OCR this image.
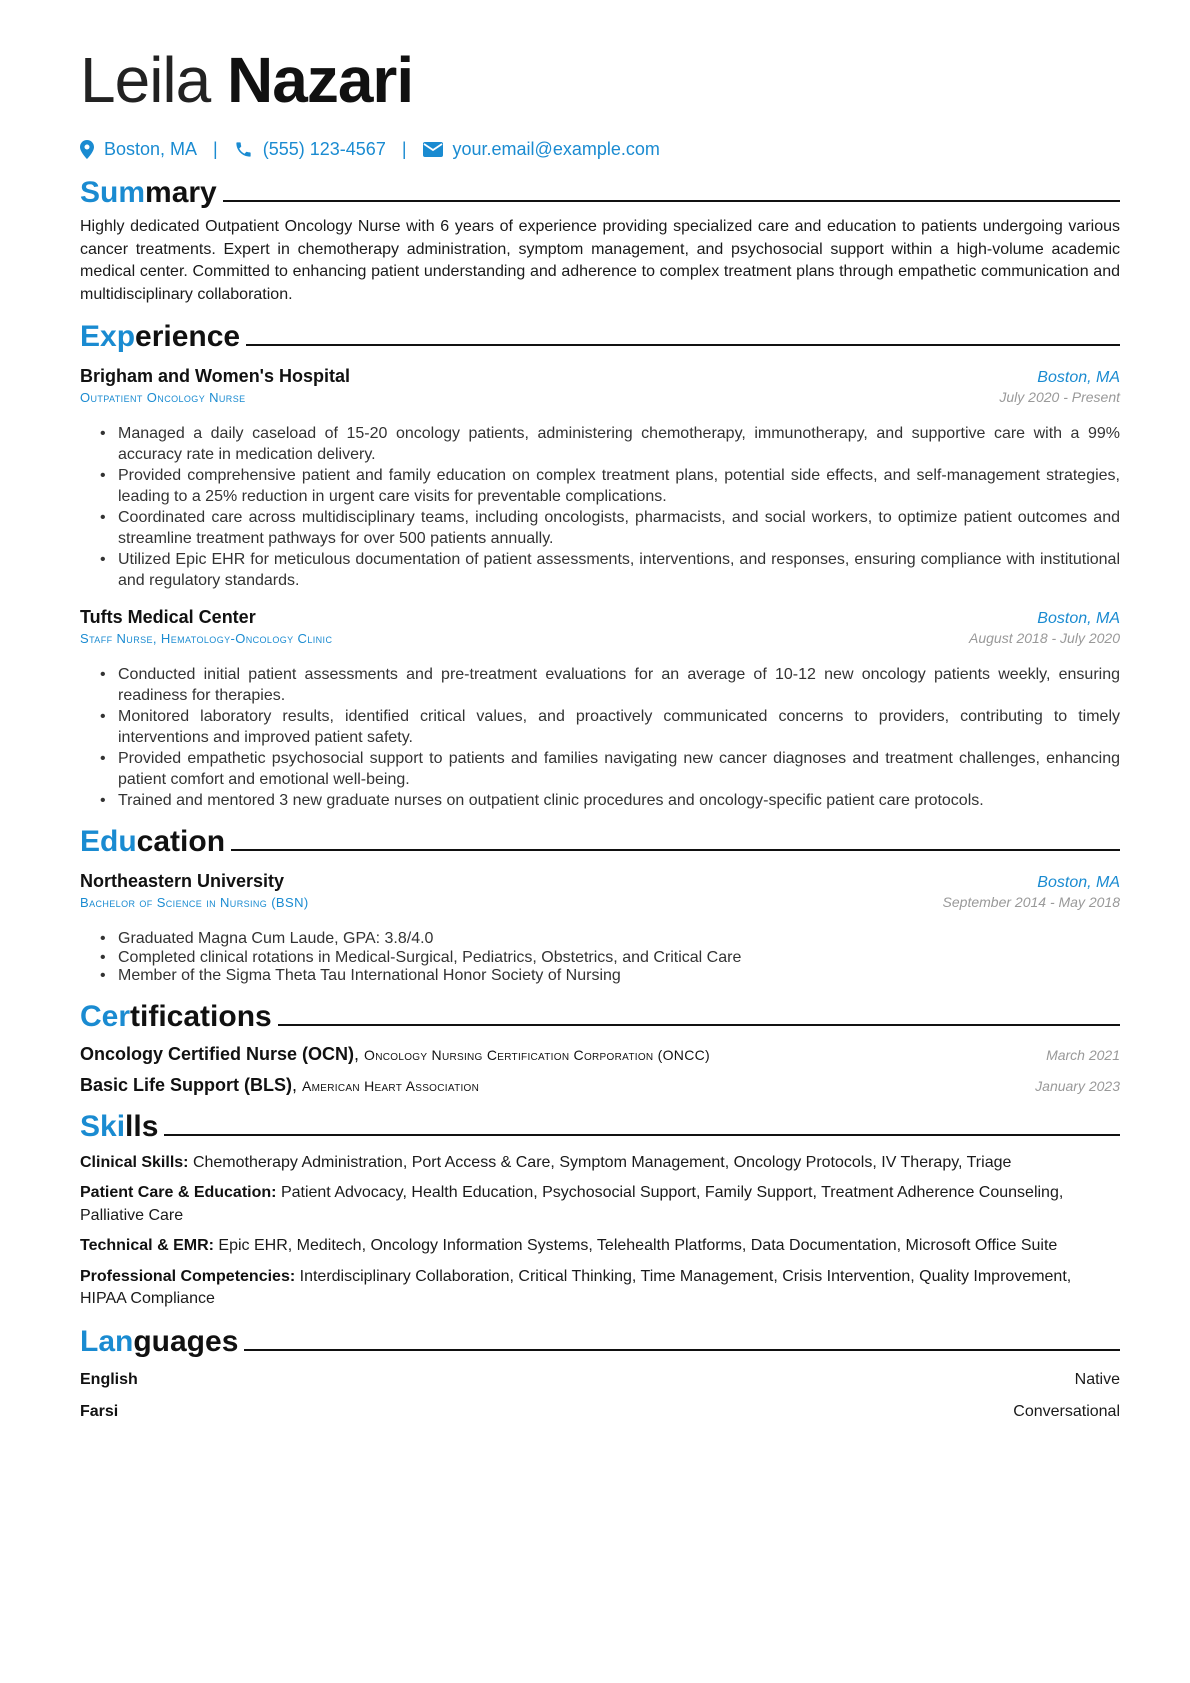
Leila Nazari
Boston, MA |	(555) 123-4567 |	your.email@example.com
Sum mary
Highly dedicated Outpatient Oncology Nurse with 6 years of experience providing specialized care and education to patients undergoing various cancer treatments. Expert in chemotherapy administration, symptom management, and psychosocial support within a high-volume academic medical center. Committed to enhancing patient understanding and adherence to complex treatment plans through empathetic communication and multidisciplinary collaboration.
Exp erience
Brigham and Women's Hospital	Boston, MA
Outpatient Oncology Nurse	July 2020 - Present
• Managed a daily caseload of 15-20 oncology patients, administering chemotherapy, immunotherapy, and supportive care with a 99% accuracy rate in medication delivery.
• Provided comprehensive patient and family education on complex treatment plans, potential side effects, and self-management strategies, leading to a 25% reduction in urgent care visits for preventable complications.
• Coordinated care across multidisciplinary teams, including oncologists, pharmacists, and social workers, to optimize patient outcomes and streamline treatment pathways for over 500 patients annually.
• Utilized Epic EHR for meticulous documentation of patient assessments, interventions, and responses, ensuring compliance with institutional and regulatory standards.
Tufts Medical Center	Boston, MA
Staff Nurse, Hematology-Oncology Clinic	August 2018 - July 2020
• Conducted initial patient assessments and pre-treatment evaluations for an average of 10-12 new oncology patients weekly, ensuring readiness for therapies.
• Monitored laboratory results, identified critical values, and proactively communicated concerns to providers, contributing to timely interventions and improved patient safety.
• Provided empathetic psychosocial support to patients and families navigating new cancer diagnoses and treatment challenges, enhancing patient comfort and emotional well-being.
• Trained and mentored 3 new graduate nurses on outpatient clinic procedures and oncology-specific patient care protocols.
Edu cation
Northeastern University	Boston, MA
Bachelor of Science in Nursing (BSN)	September 2014 - May 2018
• Graduated Magna Cum Laude, GPA: 3.8/4.0
• Completed clinical rotations in Medical-Surgical, Pediatrics, Obstetrics, and Critical Care
• Member of the Sigma Theta Tau International Honor Society of Nursing
Cer tifications
Oncology Certified Nurse (OCN), Oncology Nursing Certification Corporation (ONCC)	March 2021
Basic Life Support (BLS), American Heart Association	January 2023
Ski lls
Clinical Skills: Chemotherapy Administration, Port Access & Care, Symptom Management, Oncology Protocols, IV Therapy, Triage
Patient Care & Education: Patient Advocacy, Health Education, Psychosocial Support, Family Support, Treatment Adherence Counseling, Palliative Care
Technical & EMR: Epic EHR, Meditech, Oncology Information Systems, Telehealth Platforms, Data Documentation, Microsoft Office Suite
Professional Competencies: Interdisciplinary Collaboration, Critical Thinking, Time Management, Crisis Intervention, Quality Improvement, HIPAA Compliance
Lan guages
English	Native
Farsi	Conversational
